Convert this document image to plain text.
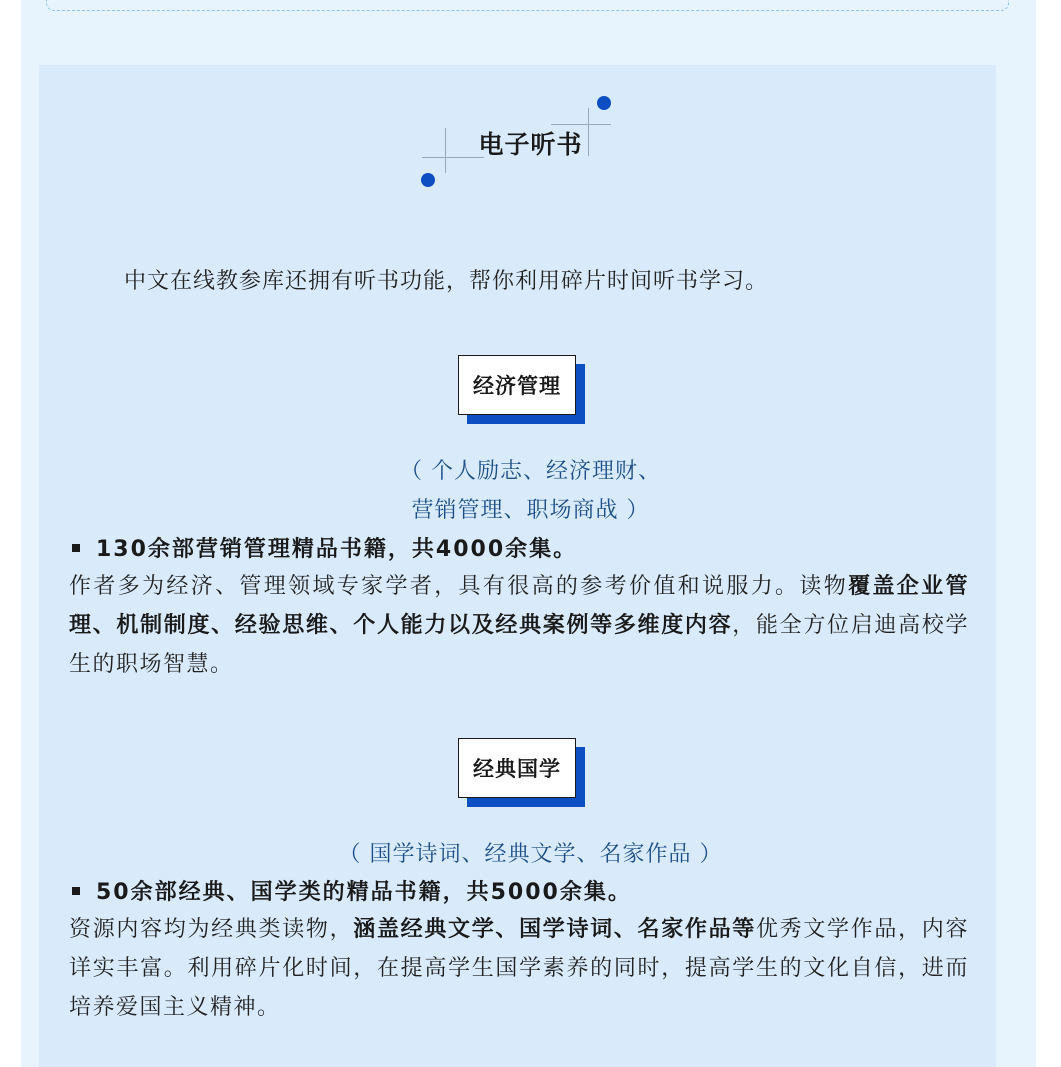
电子听书
中文在线教参库还拥有听书功能，帮你利用碎片时间听书学习。
经济管理
（ 个人励志、经济理财、
营销管理、职场商战 ）
130余部营销管理精品书籍，共4000余集。
作者多为经济、管理领域专家学者，具有很高的参考价值和说服力。读物覆盖企业管理、机制制度、经验思维、个人能力以及经典案例等多维度内容，能全方位启迪高校学生的职场智慧。
经典国学
（ 国学诗词、经典文学、名家作品 ）
50余部经典、国学类的精品书籍，共5000余集。
资源内容均为经典类读物，涵盖经典文学、国学诗词、名家作品等优秀文学作品，内容详实丰富。利用碎片化时间，在提高学生国学素养的同时，提高学生的文化自信，进而培养爱国主义精神。
